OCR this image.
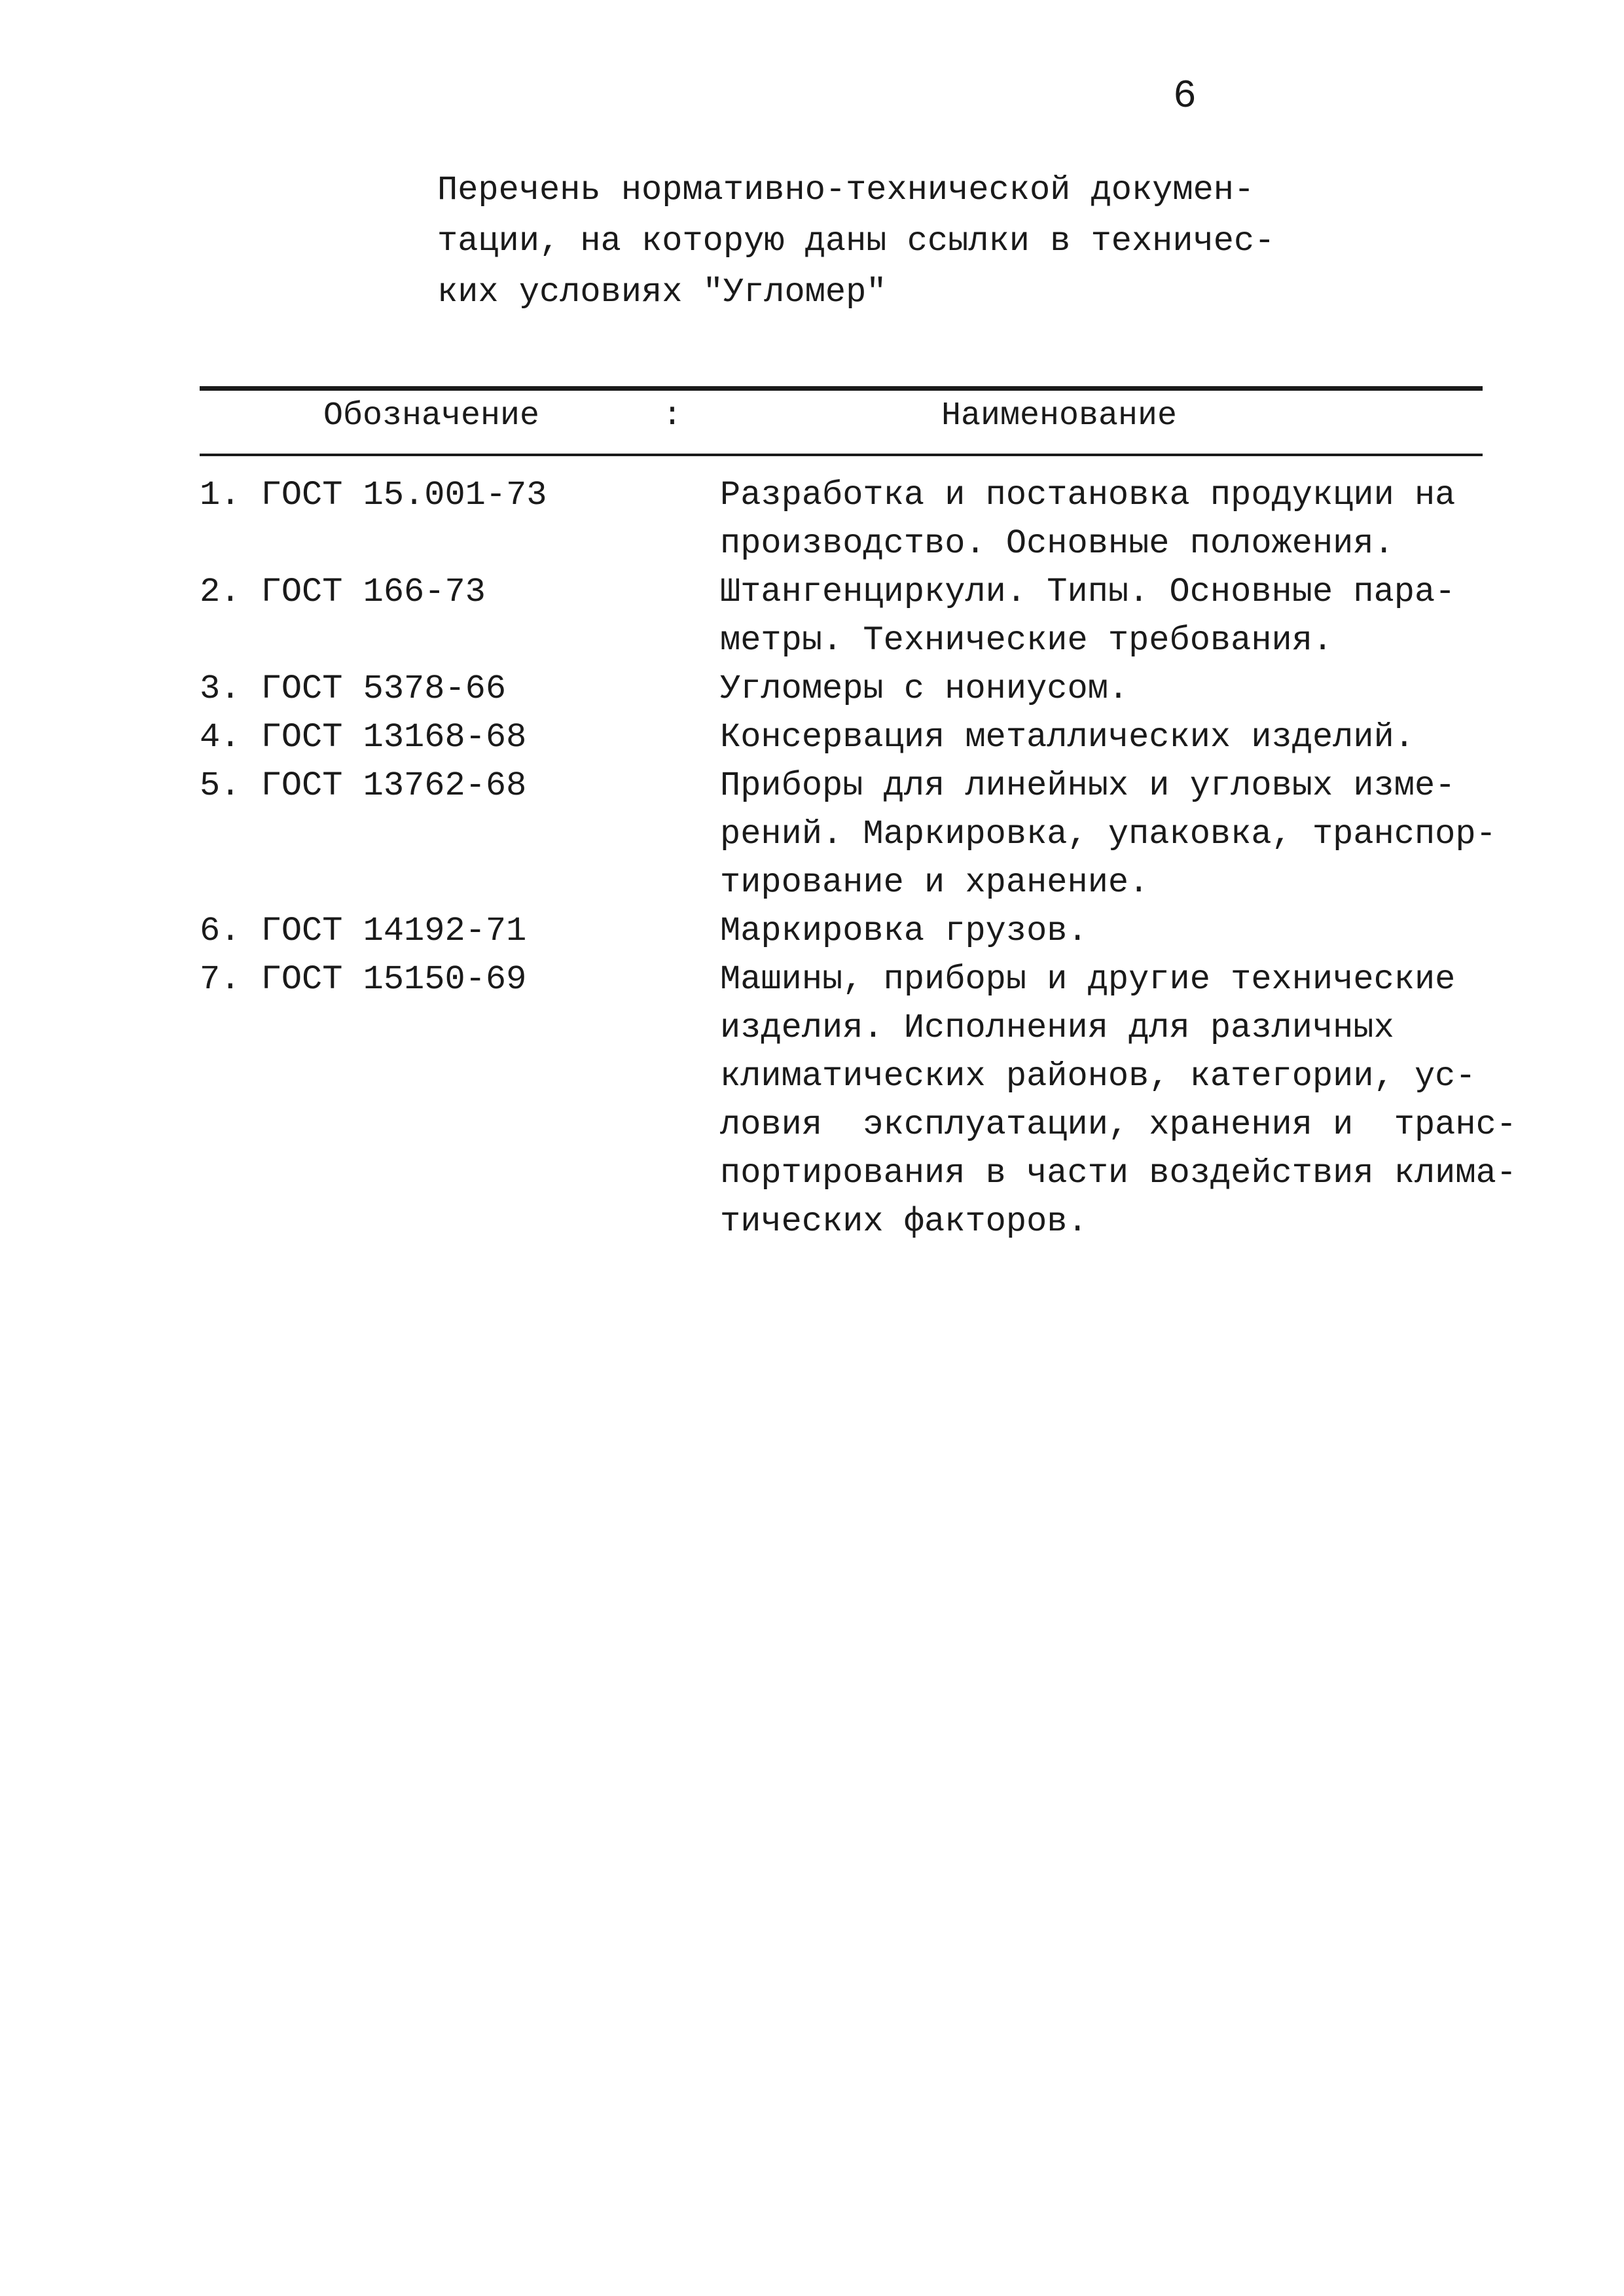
6
Перечень нормативно-технической докумен-
тации, на которую даны ссылки в техничес-
ких условиях "Угломер"
Обозначение	:	Наименование
1. ГОСТ 15.001-73	Разработка и постановка продукции на
производство. Основные положения.
2. ГОСТ 166-73	Штангенциркули. Типы. Основные пара-
метры. Технические требования.
3. ГОСТ 5378-66	Угломеры с нониусом.
4. ГОСТ 13168-68	Консервация металлических изделий.
5. ГОСТ 13762-68	Приборы для линейных и угловых изме-
рений. Маркировка, упаковка, транспор-
тирование и хранение.
6. ГОСТ 14192-71	Маркировка грузов.
7. ГОСТ 15150-69	Машины, приборы и другие технические
изделия. Исполнения для различных
климатических районов, категории, ус-
ловия  эксплуатации, хранения и  транс-
портирования в части воздействия клима-
тических факторов.
